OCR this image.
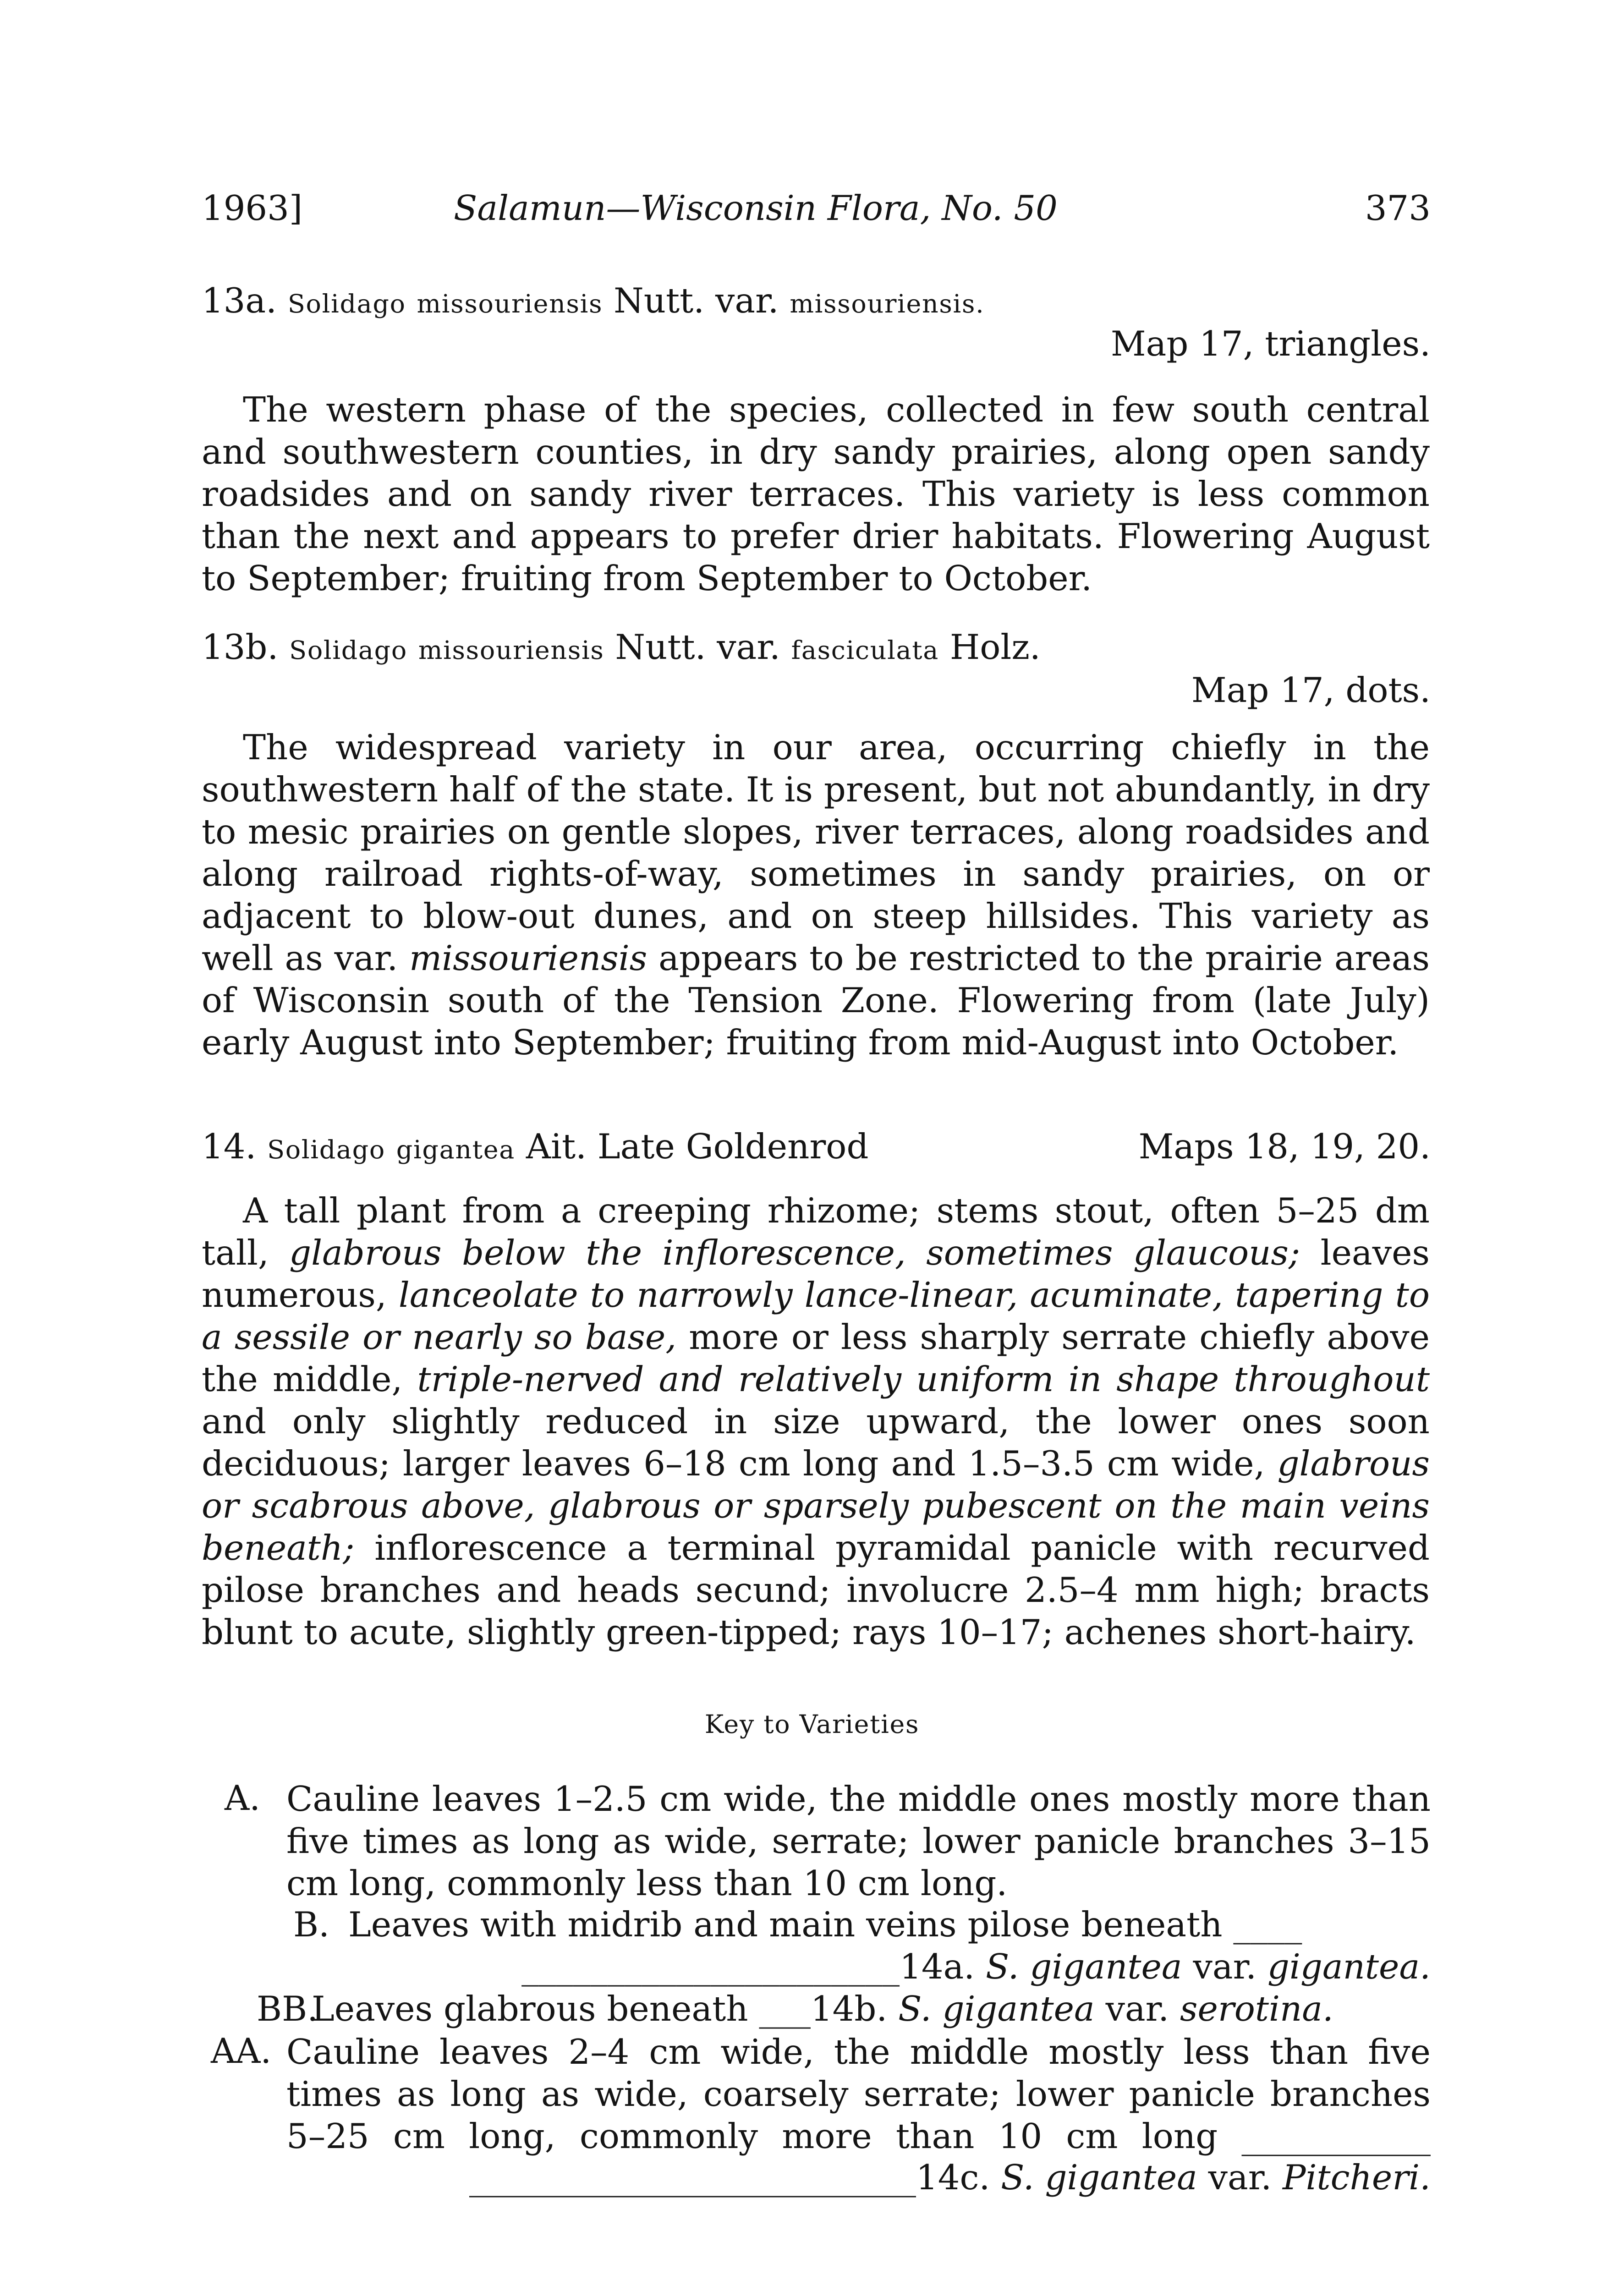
1963]	Salamun—Wisconsin Flora, No. 50	373
13a. Solidago missouriensis Nutt. var. missouriensis.
Map 17, triangles.
The western phase of the species, collected in few south central and southwestern counties, in dry sandy prairies, along open sandy roadsides and on sandy river terraces. This variety is less common than the next and appears to prefer drier habitats. Flowering August to September; fruiting from September to October.
13b. Solidago missouriensis Nutt. var. fasciculata Holz.
Map 17, dots.
The widespread variety in our area, occurring chiefly in the southwestern half of the state. It is present, but not abundantly, in dry to mesic prairies on gentle slopes, river terraces, along roadsides and along railroad rights-of-way, sometimes in sandy prairies, on or adjacent to blow-out dunes, and on steep hillsides. This variety as well as var. missouriensis appears to be restricted to the prairie areas of Wisconsin south of the Tension Zone. Flowering from (late July) early August into September; fruiting from mid-August into October.
14. Solidago gigantea Ait. Late Goldenrod	Maps 18, 19, 20.
A tall plant from a creeping rhizome; stems stout, often 5–25 dm tall, glabrous below the inflorescence, sometimes glaucous; leaves numerous, lanceolate to narrowly lance-linear, acuminate, tapering to a sessile or nearly so base, more or less sharply serrate chiefly above the middle, triple-nerved and relatively uniform in shape throughout and only slightly reduced in size upward, the lower ones soon deciduous; larger leaves 6–18 cm long and 1.5–3.5 cm wide, glabrous or scabrous above, glabrous or sparsely pubescent on the main veins beneath; inflorescence a terminal pyramidal panicle with recurved pilose branches and heads secund; involucre 2.5–4 mm high; bracts blunt to acute, slightly green-tipped; rays 10–17; achenes short-hairy.
Key to Varieties
A. Cauline leaves 1–2.5 cm wide, the middle ones mostly more than five times as long as wide, serrate; lower panicle branches 3–15 cm long, commonly less than 10 cm long.
B. Leaves with midrib and main veins pilose beneath ____
______________________14a. S. gigantea var. gigantea.
BB.
Leaves glabrous beneath ___14b. S. gigantea var. serotina.
AA. Cauline leaves 2–4 cm wide, the middle mostly less than five times as long as wide, coarsely serrate; lower panicle branches 5–25 cm long, commonly more than 10 cm long ___________
__________________________14c. S. gigantea var. Pitcheri.
